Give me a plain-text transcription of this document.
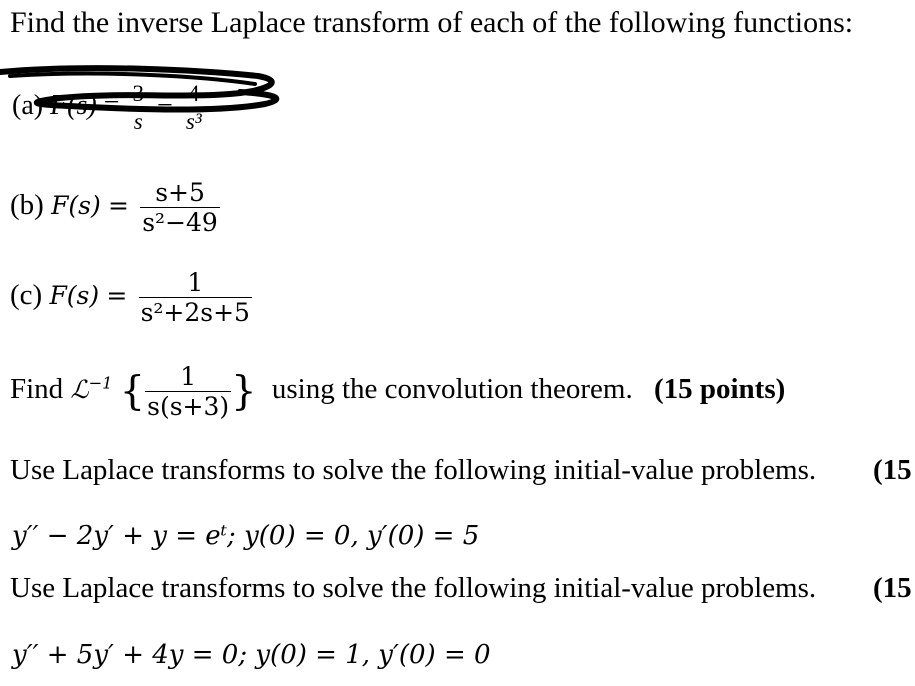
Find the inverse Laplace transform of each of the following functions:
(a) $F(s) = \frac{3}{s} - \frac{4}{\text{s³}}$
(b) $F(s) = \frac{s+5}{\text{s²−49}}$
(c) $F(s) = \frac{1}{\text{s²+2s+5}}$
Find ℒ$^{-1}$ { $\frac{1}{s(s+3)}$ } using the convolution theorem. (15 points)
Use Laplace transforms to solve the following initial-value problems. (15
y′′ − 2y′ + y = eᵗ; y(0) = 0, y′(0) = 5
Use Laplace transforms to solve the following initial-value problems. (15
y′′ + 5y′ + 4y = 0; y(0) = 1, y′(0) = 0
